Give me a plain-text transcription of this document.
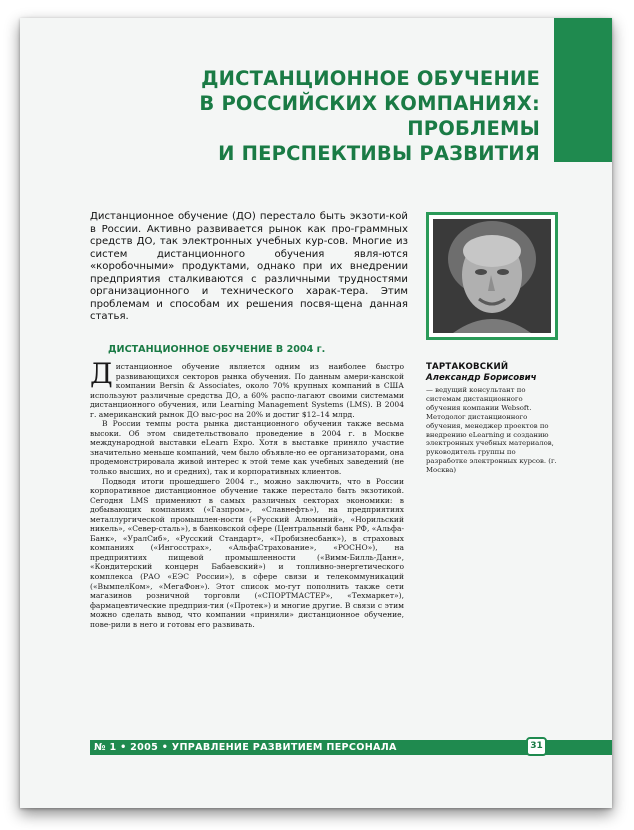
ДИСТАНЦИОННОЕ ОБУЧЕНИЕ
В РОССИЙСКИХ КОМПАНИЯХ:
ПРОБЛЕМЫ
И ПЕРСПЕКТИВЫ РАЗВИТИЯ
Дистанционное обучение (ДО) перестало быть экзоти-кой в России. Активно развивается рынок как про-граммных средств ДО, так электронных учебных кур-сов. Многие из систем дистанционного обучения явля-ются «коробочными» продуктами, однако при их внедрении предприятия сталкиваются с различными трудностями организационного и технического харак-тера. Этим проблемам и способам их решения посвя-щена данная статья.
ДИСТАНЦИОННОЕ ОБУЧЕНИЕ В 2004 г.

Дистанционное обучение является одним из наиболее быстро развивающихся секторов рынка обучения. По данным амери-канской компании Bersin & Associates, около 70% крупных компаний в США используют различные средства ДО, а 60% распо-лагают своими системами дистанционного обучения, или Learning Management Systems (LMS). В 2004 г. американский рынок ДО выс-рос на 20% и достиг $12–14 млрд.

В России темпы роста рынка дистанционного обучения также весьма высоки. Об этом свидетельствовало проведение в 2004 г. в Москве международной выставки eLearn Expo. Хотя в выставке приняло участие значительно меньше компаний, чем было объявле-но ее организаторами, она продемонстрировала живой интерес к этой теме как учебных заведений (не только высших, но и средних), так и корпоративных клиентов.

Подводя итоги прошедшего 2004 г., можно заключить, что в России корпоративное дистанционное обучение также перестало быть экзотикой. Сегодня LMS применяют в самых различных секторах экономики: в добывающих компаниях («Газпром», «Славнефть»), на предприятиях металлургической промышлен-ности («Русский Алюминий», «Норильский никель», «Север-сталь»), в банковской сфере (Центральный банк РФ, «Альфа-Банк», «УралСиб», «Русский Стандарт», «Пробизнесбанк»), в страховых компаниях («Ингосстрах», «АльфаСтрахование», «РОСНО»), на предприятиях пищевой промышленности («Вимм-Билль-Данн», «Кондитерский концерн Бабаевский») и топливно-энергетического комплекса (РАО «ЕЭС России»), в сфере связи и телекоммуникаций («ВымпелКом», «МегаФон»). Этот список мо-гут пополнить также сети магазинов розничной торговли («СПОРТМАСТЕР», «Техмаркет»), фармацевтические предприя-тия («Протек») и многие другие. В связи с этим можно сделать вывод, что компании «приняли» дистанционное обучение, пове-рили в него и готовы его развивать.

ТАРТАКОВСКИЙ
Александр Борисович
— ведущий консультант по системам дистанционного обучения компании Websoft. Методолог дистанционного обучения, менеджер проектов по внедрению eLearning и созданию электронных учебных материалов, руководитель группы по разработке электронных курсов. (г. Москва)
№ 1 • 2005 • УПРАВЛЕНИЕ РАЗВИТИЕМ ПЕРСОНАЛА	31
